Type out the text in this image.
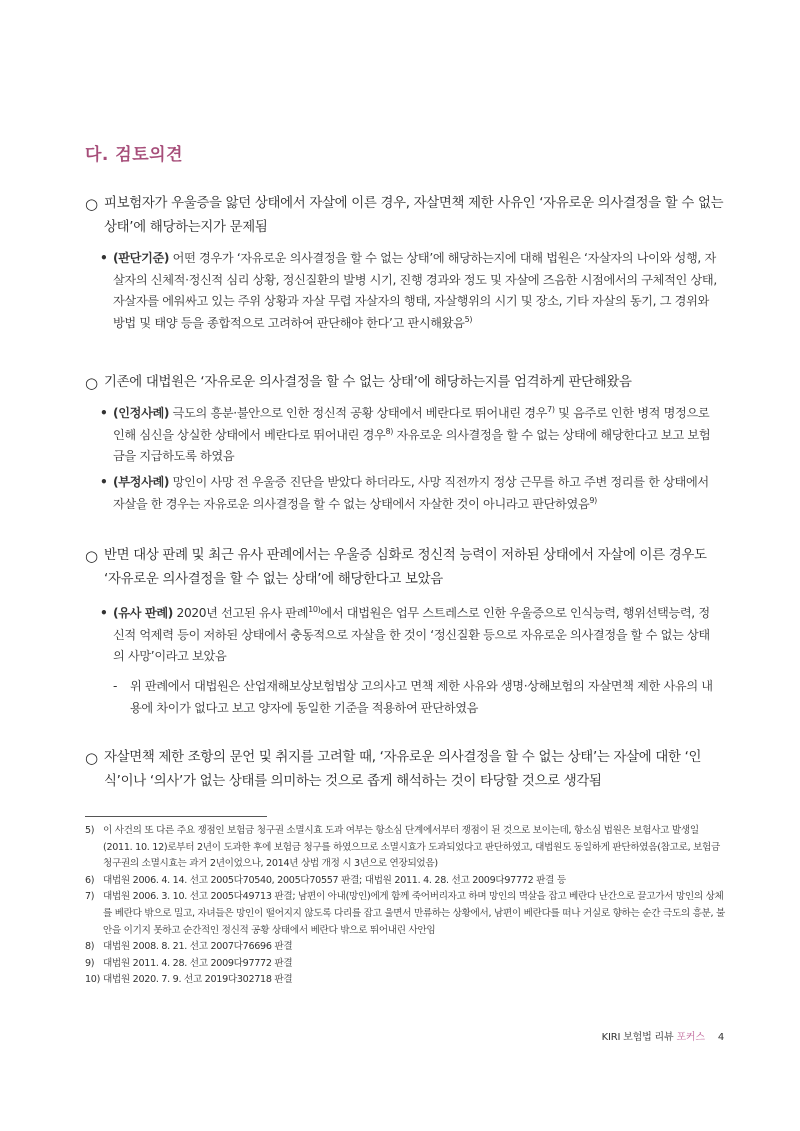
다. 검토의견
○ 피보험자가 우울증을 앓던 상태에서 자살에 이른 경우, 자살면책 제한 사유인 ‘자유로운 의사결정을 할 수 없는 상태’에 해당하는지가 문제됨
• (판단기준) 어떤 경우가 ‘자유로운 의사결정을 할 수 없는 상태’에 해당하는지에 대해 법원은 ‘자살자의 나이와 성행, 자살자의 신체적·정신적 심리 상황, 정신질환의 발병 시기, 진행 경과와 정도 및 자살에 즈음한 시점에서의 구체적인 상태, 자살자를 에워싸고 있는 주위 상황과 자살 무렵 자살자의 행태, 자살행위의 시기 및 장소, 기타 자살의 동기, 그 경위와 방법 및 태양 등을 종합적으로 고려하여 판단해야 한다’고 판시해왔음$^{5)}$
○ 기존에 대법원은 ‘자유로운 의사결정을 할 수 없는 상태’에 해당하는지를 엄격하게 판단해왔음
• (인정사례) 극도의 흥분·불안으로 인한 정신적 공황 상태에서 베란다로 뛰어내린 경우$^{7)}$ 및 음주로 인한 병적 명정으로 인해 심신을 상실한 상태에서 베란다로 뛰어내린 경우$^{8)}$ 자유로운 의사결정을 할 수 없는 상태에 해당한다고 보고 보험금을 지급하도록 하였음
• (부정사례) 망인이 사망 전 우울증 진단을 받았다 하더라도, 사망 직전까지 정상 근무를 하고 주변 정리를 한 상태에서 자살을 한 경우는 자유로운 의사결정을 할 수 없는 상태에서 자살한 것이 아니라고 판단하였음$^{9)}$
○ 반면 대상 판례 및 최근 유사 판례에서는 우울증 심화로 정신적 능력이 저하된 상태에서 자살에 이른 경우도 ‘자유로운 의사결정을 할 수 없는 상태’에 해당한다고 보았음
• (유사 판례) 2020년 선고된 유사 판례$^{10)}$에서 대법원은 업무 스트레스로 인한 우울증으로 인식능력, 행위선택능력, 정신적 억제력 등이 저하된 상태에서 충동적으로 자살을 한 것이 ‘정신질환 등으로 자유로운 의사결정을 할 수 없는 상태의 사망’이라고 보았음
-	위 판례에서 대법원은 산업재해보상보험법상 고의사고 면책 제한 사유와 생명·상해보험의 자살면책 제한 사유의 내용에 차이가 없다고 보고 양자에 동일한 기준을 적용하여 판단하였음
○ 자살면책 제한 조항의 문언 및 취지를 고려할 때, ‘자유로운 의사결정을 할 수 없는 상태’는 자살에 대한 ‘인식’이나 ‘의사’가 없는 상태를 의미하는 것으로 좁게 해석하는 것이 타당할 것으로 생각됨
5) 이 사건의 또 다른 주요 쟁점인 보험금 청구권 소멸시효 도과 여부는 항소심 단계에서부터 쟁점이 된 것으로 보이는데, 항소심 법원은 보험사고 발생일(2011. 10. 12)로부터 2년이 도과한 후에 보험금 청구를 하였으므로 소멸시효가 도과되었다고 판단하였고, 대법원도 동일하게 판단하였음(참고로, 보험금 청구권의 소멸시효는 과거 2년이었으나, 2014년 상법 개정 시 3년으로 연장되었음)
6) 대법원 2006. 4. 14. 선고 2005다70540, 2005다70557 판결; 대법원 2011. 4. 28. 선고 2009다97772 판결 등
7) 대법원 2006. 3. 10. 선고 2005다49713 판결; 남편이 아내(망인)에게 함께 죽어버리자고 하며 망인의 멱살을 잡고 베란다 난간으로 끌고가서 망인의 상체를 베란다 밖으로 밀고, 자녀들은 망인이 떨어지지 않도록 다리를 잡고 울면서 만류하는 상황에서, 남편이 베란다를 떠나 거실로 향하는 순간 극도의 흥분, 불안을 이기지 못하고 순간적인 정신적 공황 상태에서 베란다 밖으로 뛰어내린 사안임
8) 대법원 2008. 8. 21. 선고 2007다76696 판결
9) 대법원 2011. 4. 28. 선고 2009다97772 판결
10) 대법원 2020. 7. 9. 선고 2019다302718 판결
KIRI 보험법 리뷰 포커스 4
